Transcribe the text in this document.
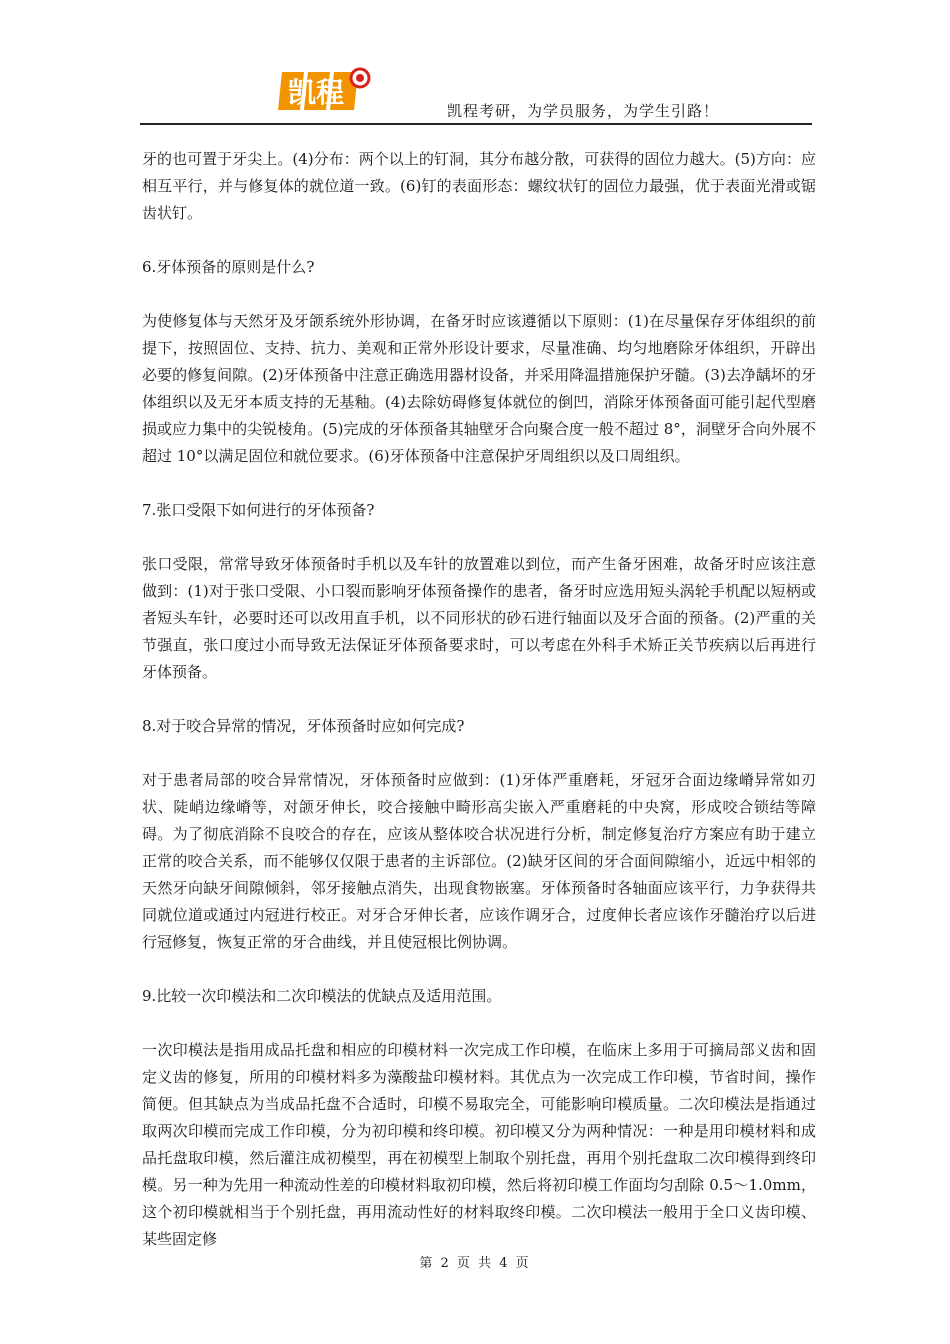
凯程
凯程考研，为学员服务，为学生引路！

牙的也可置于牙尖上。(4)分布：两个以上的钉洞，其分布越分散，可获得的固位力越大。(5)方向：应相互平行，并与修复体的就位道一致。(6)钉的表面形态：螺纹状钉的固位力最强，优于表面光滑或锯齿状钉。

6.牙体预备的原则是什么?

为使修复体与天然牙及牙颌系统外形协调，在备牙时应该遵循以下原则：(1)在尽量保存牙体组织的前提下，按照固位、支持、抗力、美观和正常外形设计要求，尽量准确、均匀地磨除牙体组织，开辟出必要的修复间隙。(2)牙体预备中注意正确选用器材设备，并采用降温措施保护牙髓。(3)去净龋坏的牙体组织以及无牙本质支持的无基釉。(4)去除妨碍修复体就位的倒凹，消除牙体预备面可能引起代型磨损或应力集中的尖锐棱角。(5)完成的牙体预备其轴壁牙合向聚合度一般不超过 8°，洞壁牙合向外展不超过 10°以满足固位和就位要求。(6)牙体预备中注意保护牙周组织以及口周组织。

7.张口受限下如何进行的牙体预备?

张口受限，常常导致牙体预备时手机以及车针的放置难以到位，而产生备牙困难，故备牙时应该注意做到：(1)对于张口受限、小口裂而影响牙体预备操作的患者，备牙时应选用短头涡轮手机配以短柄或者短头车针，必要时还可以改用直手机，以不同形状的砂石进行轴面以及牙合面的预备。(2)严重的关节强直，张口度过小而导致无法保证牙体预备要求时，可以考虑在外科手术矫正关节疾病以后再进行牙体预备。

8.对于咬合异常的情况，牙体预备时应如何完成?

对于患者局部的咬合异常情况，牙体预备时应做到：(1)牙体严重磨耗，牙冠牙合面边缘嵴异常如刃状、陡峭边缘嵴等，对颌牙伸长，咬合接触中畸形高尖嵌入严重磨耗的中央窝，形成咬合锁结等障碍。为了彻底消除不良咬合的存在，应该从整体咬合状况进行分析，制定修复治疗方案应有助于建立正常的咬合关系，而不能够仅仅限于患者的主诉部位。(2)缺牙区间的牙合面间隙缩小，近远中相邻的天然牙向缺牙间隙倾斜，邻牙接触点消失，出现食物嵌塞。牙体预备时各轴面应该平行，力争获得共同就位道或通过内冠进行校正。对牙合牙伸长者，应该作调牙合，过度伸长者应该作牙髓治疗以后进行冠修复，恢复正常的牙合曲线，并且使冠根比例协调。

9.比较一次印模法和二次印模法的优缺点及适用范围。

一次印模法是指用成品托盘和相应的印模材料一次完成工作印模，在临床上多用于可摘局部义齿和固定义齿的修复，所用的印模材料多为藻酸盐印模材料。其优点为一次完成工作印模，节省时间，操作简便。但其缺点为当成品托盘不合适时，印模不易取完全，可能影响印模质量。二次印模法是指通过取两次印模而完成工作印模，分为初印模和终印模。初印模又分为两种情况：一种是用印模材料和成品托盘取印模，然后灌注成初模型，再在初模型上制取个别托盘，再用个别托盘取二次印模得到终印模。另一种为先用一种流动性差的印模材料取初印模，然后将初印模工作面均匀刮除 0.5～1.0mm，这个初印模就相当于个别托盘，再用流动性好的材料取终印模。二次印模法一般用于全口义齿印模、某些固定修

第 2 页 共 4 页
